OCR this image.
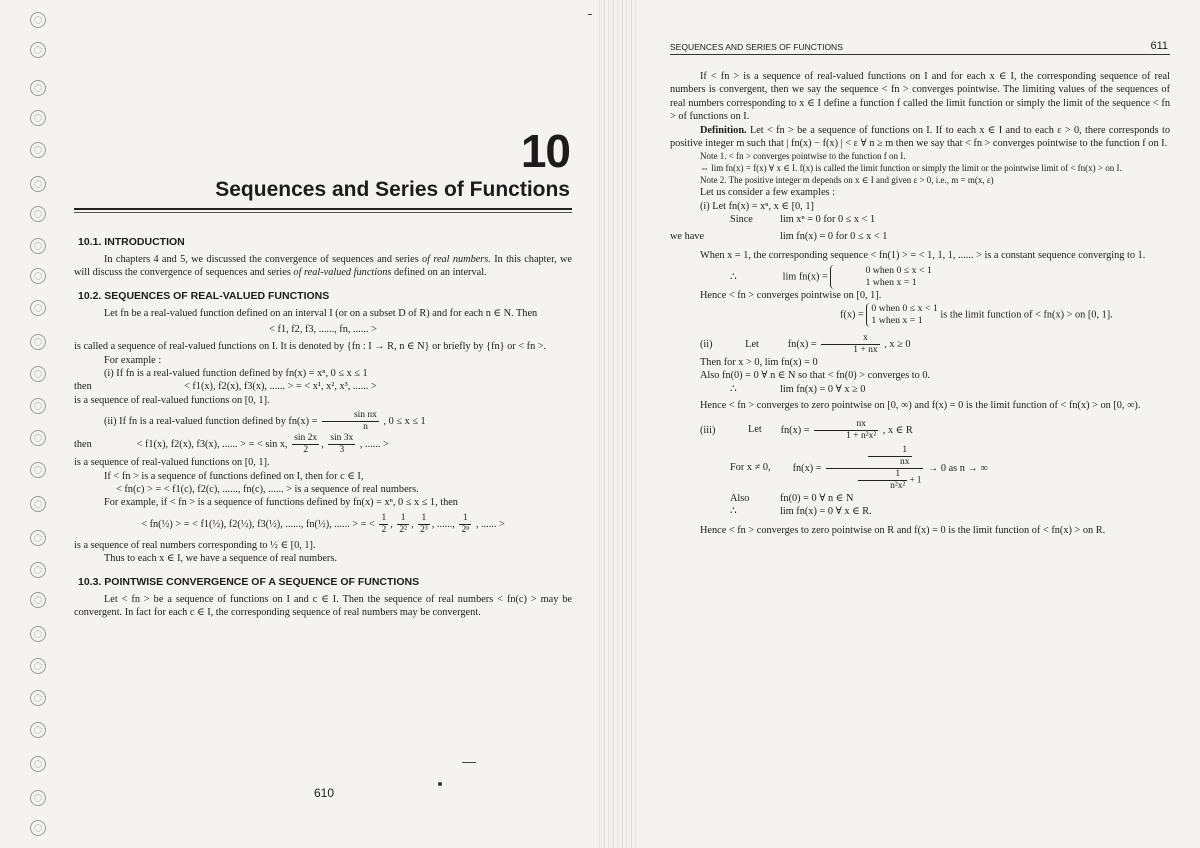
10
Sequences and Series of Functions
10.1. INTRODUCTION

In chapters 4 and 5, we discussed the convergence of sequences and series of real numbers. In this chapter, we will discuss the convergence of sequences and series of real-valued functions defined on an interval.

10.2. SEQUENCES OF REAL-VALUED FUNCTIONS

Let fn be a real-valued function defined on an interval I (or on a subset D of R) and for each n ∈ N. Then

< f1, f2, f3, ......, fn, ...... >

is called a sequence of real-valued functions on I. It is denoted by {fn : I → R, n ∈ N} or briefly by {fn} or < fn >.

For example :

(i) If fn is a real-valued function defined by fn(x) = xⁿ, 0 ≤ x ≤ 1

then	< f1(x), f2(x), f3(x), ...... > = < x¹, x², x³, ...... >

is a sequence of real-valued functions on [0, 1].

(ii) If fn is a real-valued function defined by $fn(x) = \frac{\text{sin nx}}{n}$ , 0 ≤ x ≤ 1

then	< f1(x), f2(x), f3(x), ...... > = < sin x, $\frac{\sin 2x}{2}$ , $\frac{\sin 3x}{3}$ , ...... >

is a sequence of real-valued functions on [0, 1].

If < fn > is a sequence of functions defined on I, then for c ∈ I,

< fn(c) > = < f1(c), f2(c), ......, fn(c), ...... > is a sequence of real numbers.

For example, if < fn > is a sequence of functions defined by fn(x) = xⁿ, 0 ≤ x ≤ 1, then

< fn(½) > = < f1(½), f2(½), f3(½), ......, fn(½), ...... > = < $\frac{1}{2}$ , $\frac{1}{\text{2²}}$ , $\frac{1}{\text{2³}}$ , ......, $\frac{1}{\text{2ⁿ}}$ , ...... >

is a sequence of real numbers corresponding to ½ ∈ [0, 1].

Thus to each x ∈ I, we have a sequence of real numbers.

10.3. POINTWISE CONVERGENCE OF A SEQUENCE OF FUNCTIONS

Let < fn > be a sequence of functions on I and c ∈ I. Then the sequence of real numbers < fn(c) > may be convergent. In fact for each c ∈ I, the corresponding sequence of real numbers may be convergent.

610
SEQUENCES AND SERIES OF FUNCTIONS	611

If < fn > is a sequence of real-valued functions on I and for each x ∈ I, the corresponding sequence of real numbers is convergent, then we say the sequence < fn > converges pointwise. The limiting values of the sequences of real numbers corresponding to x ∈ I define a function f called the limit function or simply the limit of the sequence < fn > of functions on I.

Definition. Let < fn > be a sequence of functions on I. If to each x ∈ I and to each ε > 0, there corresponds to positive integer m such that | fn(x) − f(x) | < ε ∀ n ≥ m then we say that < fn > converges pointwise to the function f on I.

Note 1. < fn > converges pointwise to the function f on I.

⇔ lim fn(x) = f(x) ∀ x ∈ I. f(x) is called the limit function or simply the limit or the pointwise limit of < fn(x) > on I.

Note 2. The positive integer m depends on x ∈ I and given ε > 0, i.e., m = m(x, ε)

Let us consider a few examples :

(i) Let fn(x) = xⁿ, x ∈ [0, 1]

Since	lim xⁿ = 0 for 0 ≤ x < 1

we have	lim fn(x) = 0 for 0 ≤ x < 1

When x = 1, the corresponding sequence < fn(1) > = < 1, 1, 1, ...... > is a constant sequence converging to 1.

∴	lim fn(x) =
0 when 0 ≤ x < 1
1 when x = 1

Hence < fn > converges pointwise on [0, 1].

f(x) =
0 when 0 ≤ x < 1
1 when x = 1
is the limit function of < fn(x) > on [0, 1].

(ii)	Let	$fn(x) = \frac{x}{1 + nx}$ , x ≥ 0

Then for x > 0, lim fn(x) = 0

Also fn(0) = 0 ∀ n ∈ N so that < fn(0) > converges to 0.

∴	lim fn(x) = 0 ∀ x ≥ 0

Hence < fn > converges to zero pointwise on [0, ∞) and f(x) = 0 is the limit function of < fn(x) > on [0, ∞).

(iii)	Let $fn(x) = \frac{nx}{\text{1 + n²x²}}$ , x ∈ R

For x ≠ 0, $fn(x) = \frac{\frac{1}{nx}}{\frac{1}{\text{n²x²}} + 1} \to 0$ as n → ∞

Also	fn(0) = 0 ∀ n ∈ N

∴	lim fn(x) = 0 ∀ x ∈ R.

Hence < fn > converges to zero pointwise on R and f(x) = 0 is the limit function of < fn(x) > on R.
